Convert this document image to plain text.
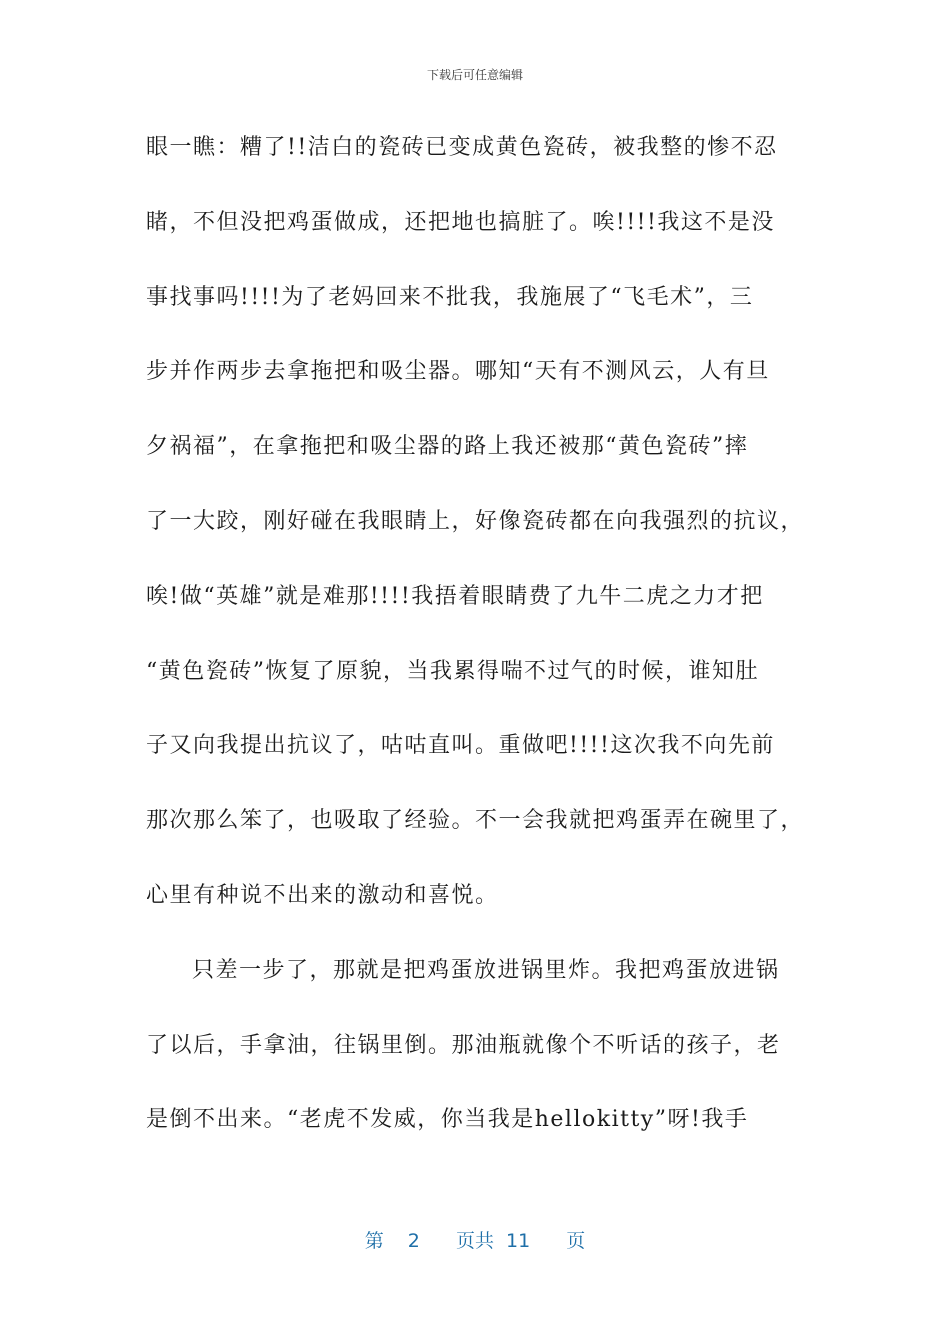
下载后可任意编辑
眼一瞧：糟了!!洁白的瓷砖已变成黄色瓷砖，被我整的惨不忍
睹，不但没把鸡蛋做成，还把地也搞脏了。唉!!!!我这不是没
事找事吗!!!!为了老妈回来不批我，我施展了“飞毛术”，三
步并作两步去拿拖把和吸尘器。哪知“天有不测风云，人有旦
夕祸福”，在拿拖把和吸尘器的路上我还被那“黄色瓷砖”摔
了一大跤，刚好碰在我眼睛上，好像瓷砖都在向我强烈的抗议，
唉!做“英雄”就是难那!!!!我捂着眼睛费了九牛二虎之力才把
“黄色瓷砖”恢复了原貌，当我累得喘不过气的时候，谁知肚
子又向我提出抗议了，咕咕直叫。重做吧!!!!这次我不向先前
那次那么笨了，也吸取了经验。不一会我就把鸡蛋弄在碗里了，
心里有种说不出来的激动和喜悦。
只差一步了，那就是把鸡蛋放进锅里炸。我把鸡蛋放进锅
了以后，手拿油，往锅里倒。那油瓶就像个不听话的孩子，老
是倒不出来。“老虎不发威，你当我是hellokitty”呀!我手
第  2   页共 11   页
